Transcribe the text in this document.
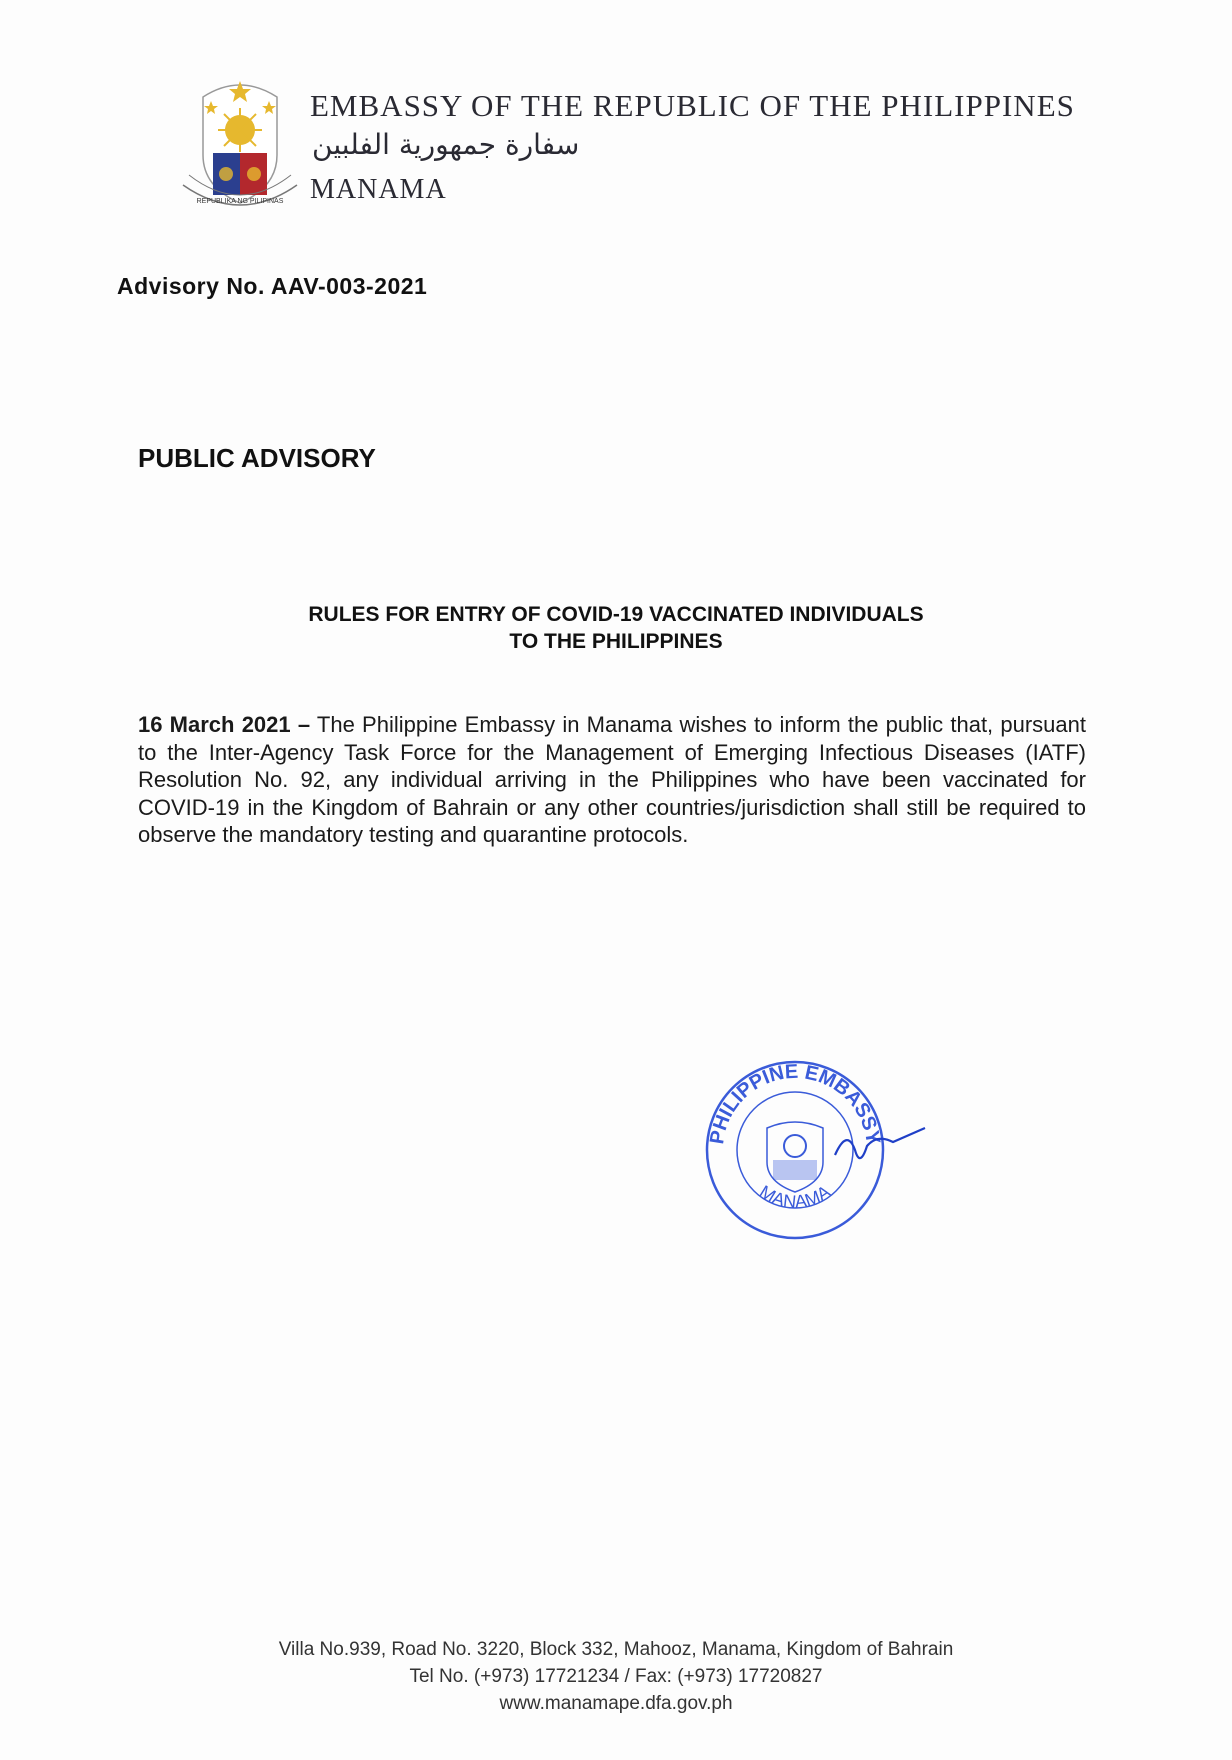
REPUBLIKA NG PILIPINAS
EMBASSY OF THE REPUBLIC OF THE PHILIPPINES
سفارة جمهورية الفلبين
MANAMA
Advisory No. AAV-003-2021
PUBLIC ADVISORY
RULES FOR ENTRY OF COVID-19 VACCINATED INDIVIDUALS
TO THE PHILIPPINES
16 March 2021 – The Philippine Embassy in Manama wishes to inform the public that, pursuant to the Inter-Agency Task Force for the Management of Emerging Infectious Diseases (IATF) Resolution No. 92, any individual arriving in the Philippines who have been vaccinated for COVID-19 in the Kingdom of Bahrain or any other countries/jurisdiction shall still be required to observe the mandatory testing and quarantine protocols.
PHILIPPINE EMBASSY
MANAMA
Villa No.939, Road No. 3220, Block 332, Mahooz, Manama, Kingdom of Bahrain
Tel No. (+973) 17721234 / Fax: (+973) 17720827
www.manamape.dfa.gov.ph
